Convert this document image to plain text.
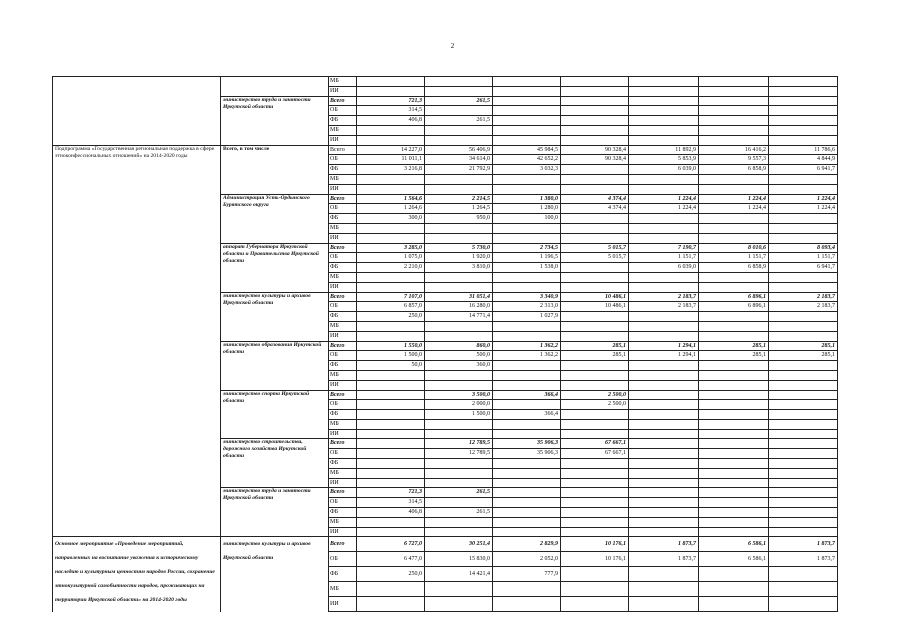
2
		МБ							
		ИИ							
	министерство труда и занятости Иркутской области	Всего	721,3	261,5					
		ОБ	314,5						
		ФБ	406,8	261,5					
		МБ							
		ИИ							
Подпрограмма «Государственная региональная поддержка в сфере этноконфессиональных отношений» на 2014-2020 годы	Всего, в том числе	Всего	14 227,0	56 406,9	45 984,5	90 328,4	11 892,9	16 416,2	11 786,6
		ОБ	11 011,1	34 614,0	42 652,2	90 328,4	5 853,9	9 557,3	4 844,9
		ФБ	3 216,8	21 792,9	3 032,3		6 039,0	6 858,9	6 941,7
		МБ							
		ИИ							
	Администрация Усть-Ордынского Бурятского округа	Всего	1 564,6	2 214,5	1 380,0	4 374,4	1 224,4	1 224,4	1 224,4
		ОБ	1 264,6	1 264,5	1 280,0	4 374,4	1 224,4	1 224,4	1 224,4
		ФБ	300,0	950,0	100,0				
		МБ							
		ИИ							
	аппарат Губернатора Иркутской области и Правительства Иркутской области	Всего	3 285,0	5 730,0	2 734,5	5 015,7	7 190,7	8 010,6	8 093,4
		ОБ	1 075,0	1 920,0	1 196,5	5 015,7	1 151,7	1 151,7	1 151,7
		ФБ	2 210,0	3 810,0	1 538,0		6 039,0	6 858,9	6 941,7
		МБ							
		ИИ							
	министерство культуры и архивов Иркутской области	Всего	7 107,0	31 051,4	3 340,9	10 486,1	2 183,7	6 896,1	2 183,7
		ОБ	6 857,0	16 280,0	2 313,0	10 486,1	2 183,7	6 896,1	2 183,7
		ФБ	250,0	14 771,4	1 027,9				
		МБ							
		ИИ							
	министерство образования Иркутской области	Всего	1 550,0	860,0	1 362,2	285,1	1 294,1	285,1	285,1
		ОБ	1 500,0	500,0	1 362,2	285,1	1 294,1	285,1	285,1
		ФБ	50,0	360,0					
		МБ							
		ИИ							
	министерство спорта Иркутской области	Всего		3 500,0	366,4	2 500,0			
		ОБ		2 000,0		2 500,0			
		ФБ		1 500,0	366,4				
		МБ							
		ИИ							
	министерство строительства, дорожного хозяйства Иркутской области	Всего		12 789,5	35 906,3	67 667,1			
		ОБ		12 789,5	35 906,3	67 667,1			
		ФБ							
		МБ							
		ИИ							
	министерство труда и занятости Иркутской области	Всего	721,3	261,5					
		ОБ	314,5						
		ФБ	406,8	261,5					
		МБ							
		ИИ							
Основное мероприятие «Проведение мероприятий, направленных на воспитание уважения к историческому наследию и культурным ценностям народов России, сохранение этнокультурной самобытности народов, проживающих на территории Иркутской области» на 2014-2020 годы	министерство культуры и архивов Иркутской области	Всего	6 727,0	30 251,4	2 829,9	10 176,1	1 873,7	6 586,1	1 873,7
		ОБ	6 477,0	15 830,0	2 052,0	10 176,1	1 873,7	6 586,1	1 873,7
		ФБ	250,0	14 421,4	777,9				
		МБ							
		ИИ							
